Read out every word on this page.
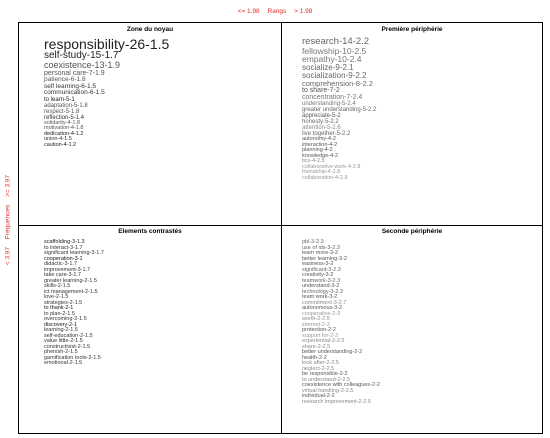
<= 1.98 Rangs > 1.98
< 3.97 Fréquences >= 3.97
Zone du noyau
responsibility-26-1.5
self-study-15-1.7
coexistence-13-1.9
personal care-7-1.9
patience-6-1.8
self learning-6-1.5
communication-6-1.5
to learn-5-1
adaptation-5-1.8
respect-5-1.8
reflection-5-1.4
solidarity-4-1.8
motivation-4-1.8
dedication-4-1.2
union-4-1.5
caution-4-1.2
Première périphérie
research-14-2.2
fellowship-10-2.5
empathy-10-2.4
socialize-9-2.1
socialization-9-2.2
comprehension-8-2.2
to share-7-2
concentration-7-2.4
understanding-5-2.4
greater understanding-5-2.2
appreciate-5-2
honesty-5-2.2
attention-5-2.6
live together-5-2.2
autonomy-4-2
interaction-4-2
planning-4-2
knowledge-4-2
tics-4-2.5
collaborative work-4-2.8
friendship-4-2.8
collaboration-4-2.8
Elements contrastés
scaffolding-3-1.3
to interact-3-1.7
significant learning-3-1.7
cooperation-3-1
didactic-3-1.7
improvement-3-1.7
take care-3-1.7
greater learning-2-1.5
skills-2-1.5
ict management-2-1.5
love-2-1.5
strategies-2-1.5
to thank-2-1
to plan-2-1.5
overcoming-2-1.5
discovery-2-1
learning-2-1.5
self-education-2-1.5
value little-2-1.5
constructivist-2-1.5
phenish-2-1.5
gamification tools-2-1.5
emotional-2-1.5
Seconde périphérie
pbl-3-2.3
use of ids-3-2.3
learn more-3-2
better learning-3-2
easiness-3-2
significant-3-2.3
creativity-3-2
teamwork-3-2.3
understand-3-2
technology-3-2.3
team work-3-2
commitment-3-2.7
autonomous-3-2
cooperative-2-3
worth-2-2.5
interest-2-3
protection-2-2
support for-2-3
experiential-2-2.5
share-2-2.5
better understanding-2-2
health-2-2
look after-2-2.5
neglect-2-2.5
be responsible-2-2
to understand-2-2.5
coexistence with colleagues-2-2
virtual handling-2-2.5
individual-2-2
research improvement-2-2.5
